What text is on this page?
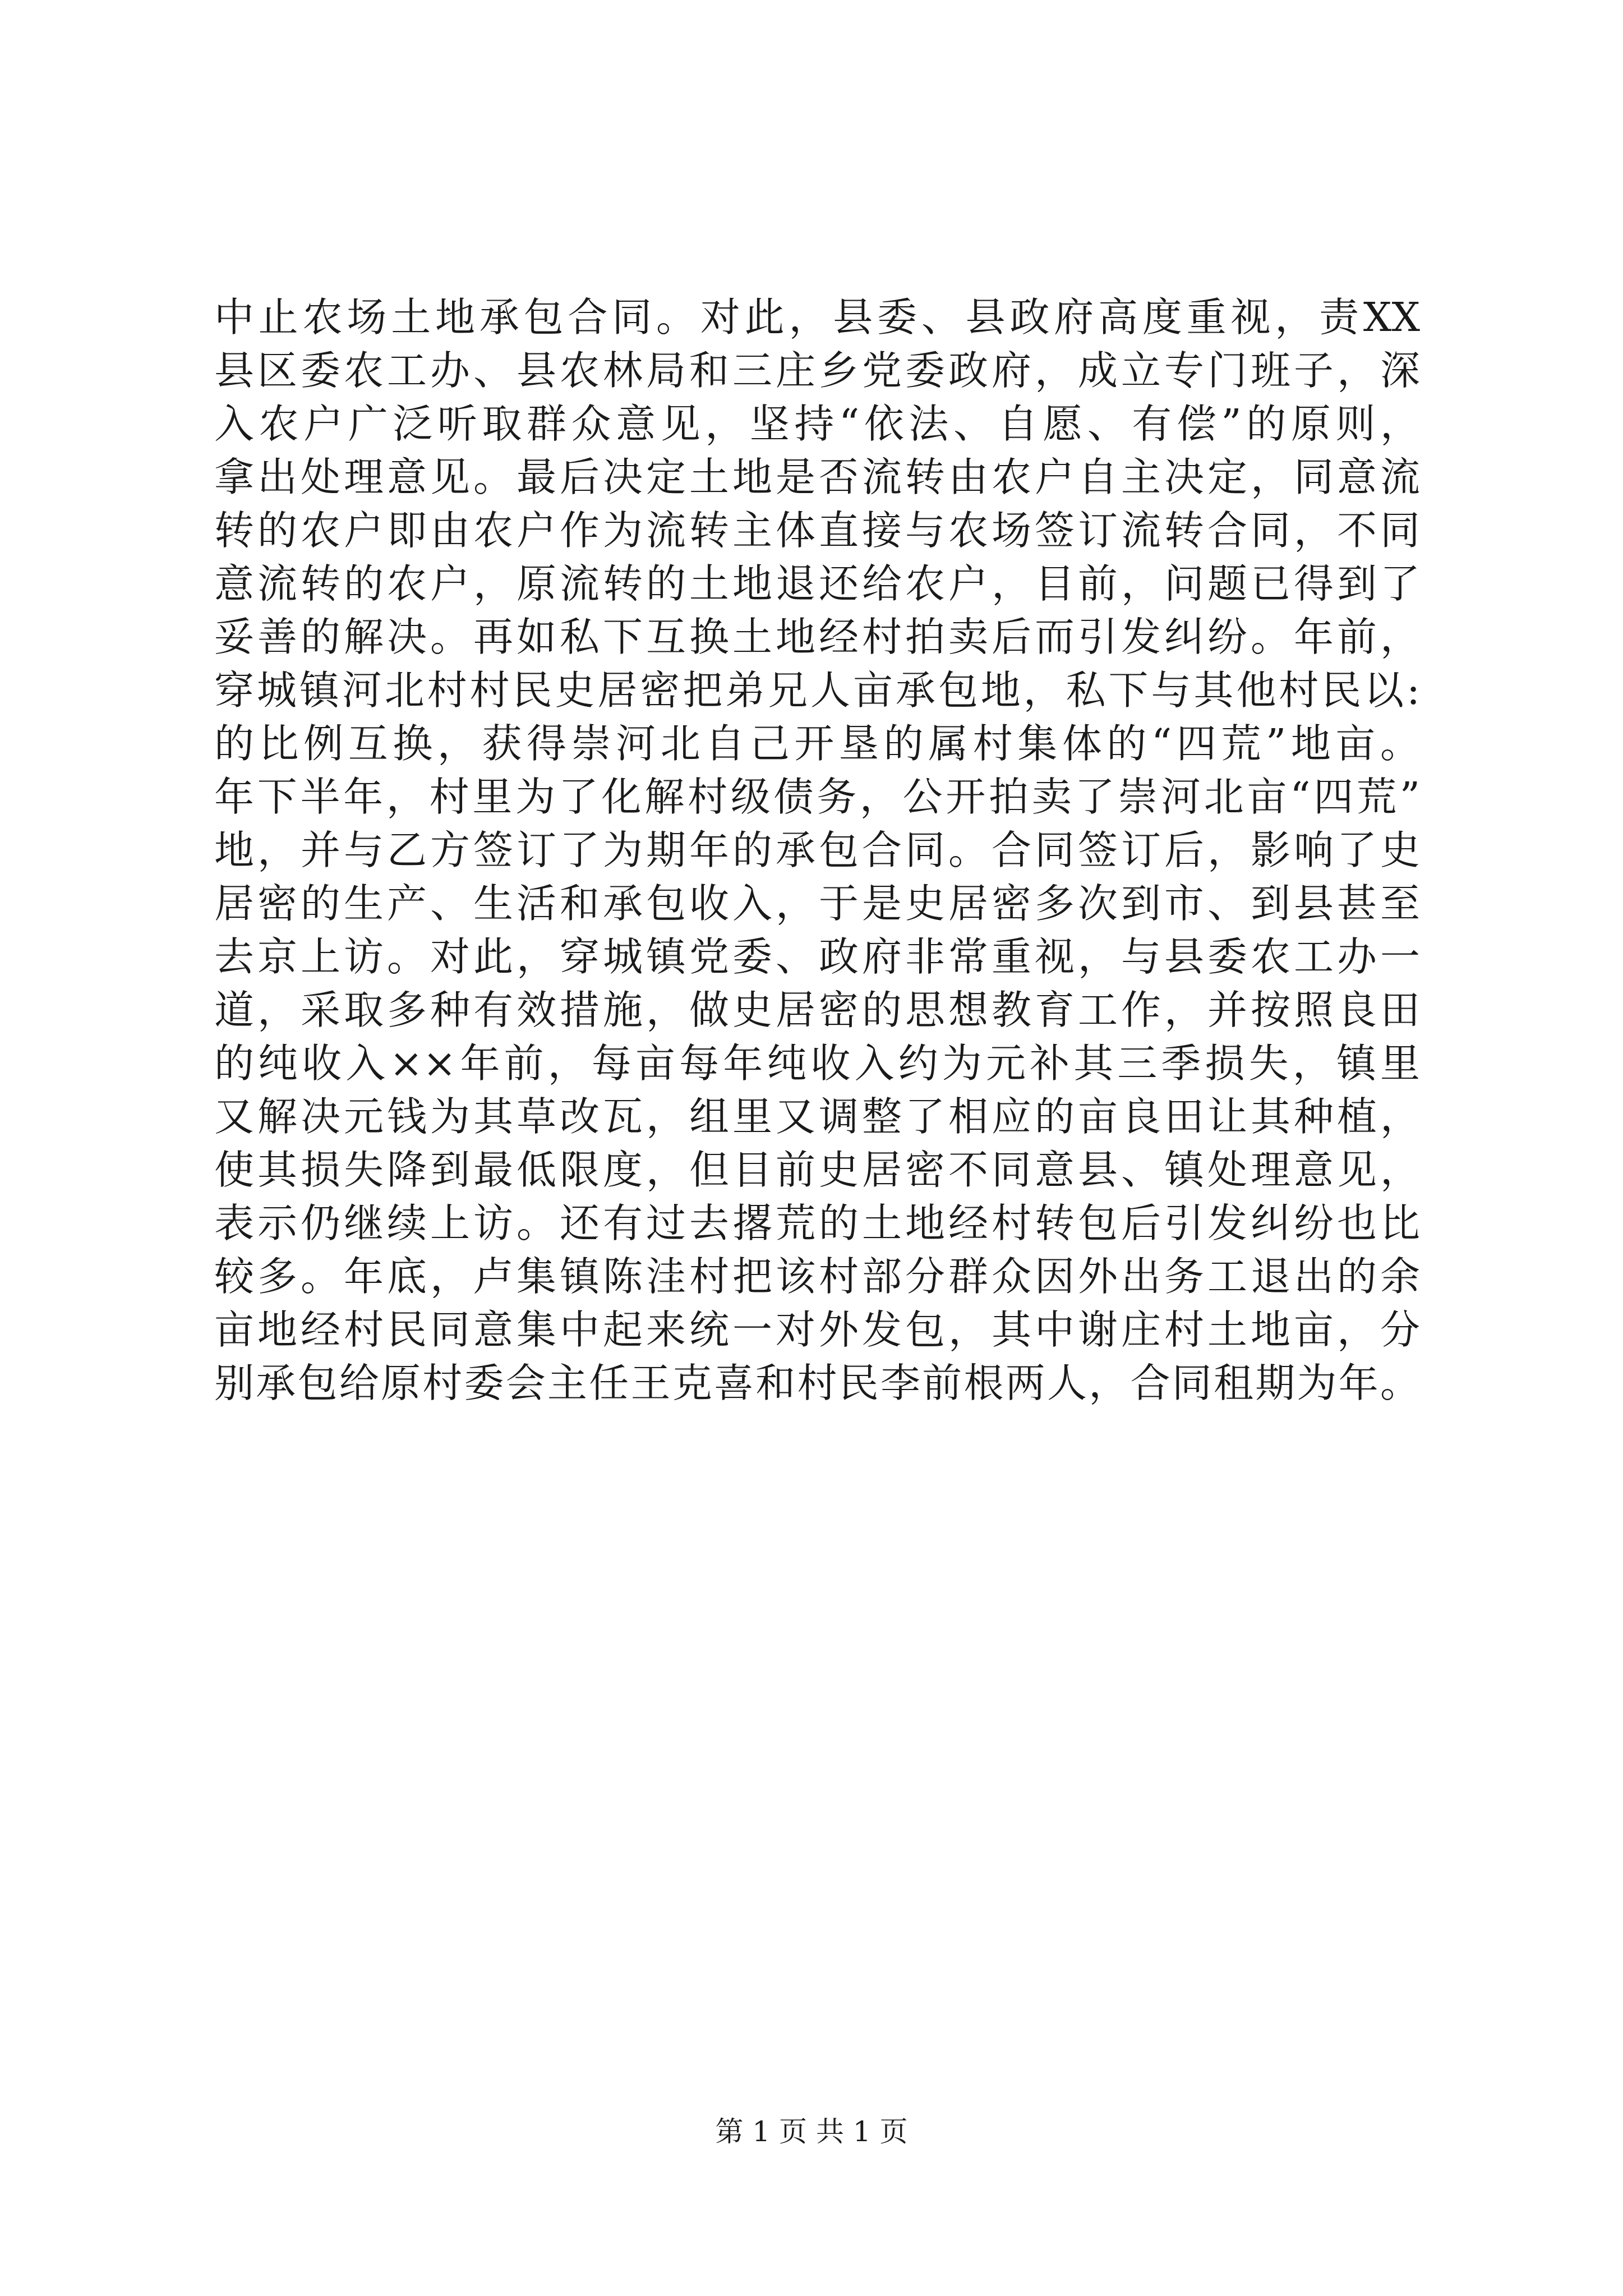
中止农场土地承包合同。对此，县委、县政府高度重视，责XX
县区委农工办、县农林局和三庄乡党委政府，成立专门班子，深
入农户广泛听取群众意见，坚持“依法、自愿、有偿”的原则，
拿出处理意见。最后决定土地是否流转由农户自主决定，同意流
转的农户即由农户作为流转主体直接与农场签订流转合同，不同
意流转的农户，原流转的土地退还给农户，目前，问题已得到了
妥善的解决。再如私下互换土地经村拍卖后而引发纠纷。年前，
穿城镇河北村村民史居密把弟兄人亩承包地，私下与其他村民以:
的比例互换，获得崇河北自己开垦的属村集体的“四荒”地亩。
年下半年，村里为了化解村级债务，公开拍卖了崇河北亩“四荒”
地，并与乙方签订了为期年的承包合同。合同签订后，影响了史
居密的生产、生活和承包收入，于是史居密多次到市、到县甚至
去京上访。对此，穿城镇党委、政府非常重视，与县委农工办一
道，采取多种有效措施，做史居密的思想教育工作，并按照良田
的纯收入××年前，每亩每年纯收入约为元补其三季损失，镇里
又解决元钱为其草改瓦，组里又调整了相应的亩良田让其种植，
使其损失降到最低限度，但目前史居密不同意县、镇处理意见，
表示仍继续上访。还有过去撂荒的土地经村转包后引发纠纷也比
较多。年底，卢集镇陈洼村把该村部分群众因外出务工退出的余
亩地经村民同意集中起来统一对外发包，其中谢庄村土地亩，分
别承包给原村委会主任王克喜和村民李前根两人，合同租期为年。
第 1 页 共 1 页
